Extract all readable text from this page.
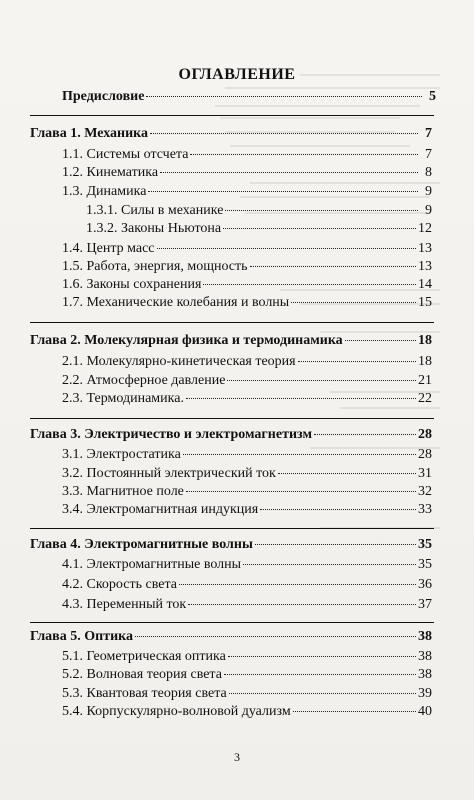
ОГЛАВЛЕНИЕ
Предисловие	5
Глава 1. Механика	7
1.1. Системы отсчета	7
1.2. Кинематика	8
1.3. Динамика	9
1.3.1. Силы в механике	9
1.3.2. Законы Ньютона	12
1.4. Центр масс	13
1.5. Работа, энергия, мощность	13
1.6. Законы сохранения	14
1.7. Механические колебания и волны	15
Глава 2. Молекулярная физика и термодинамика	18
2.1. Молекулярно-кинетическая теория	18
2.2. Атмосферное давление	21
2.3. Термодинамика.	22
Глава 3. Электричество и электромагнетизм	28
3.1. Электростатика	28
3.2. Постоянный электрический ток	31
3.3. Магнитное поле	32
3.4. Электромагнитная индукция	33
Глава 4. Электромагнитные волны	35
4.1. Электромагнитные волны	35
4.2. Скорость света	36
4.3. Переменный ток	37
Глава 5. Оптика	38
5.1. Геометрическая оптика	38
5.2. Волновая теория света	38
5.3. Квантовая теория света	39
5.4. Корпускулярно-волновой дуализм	40
3
